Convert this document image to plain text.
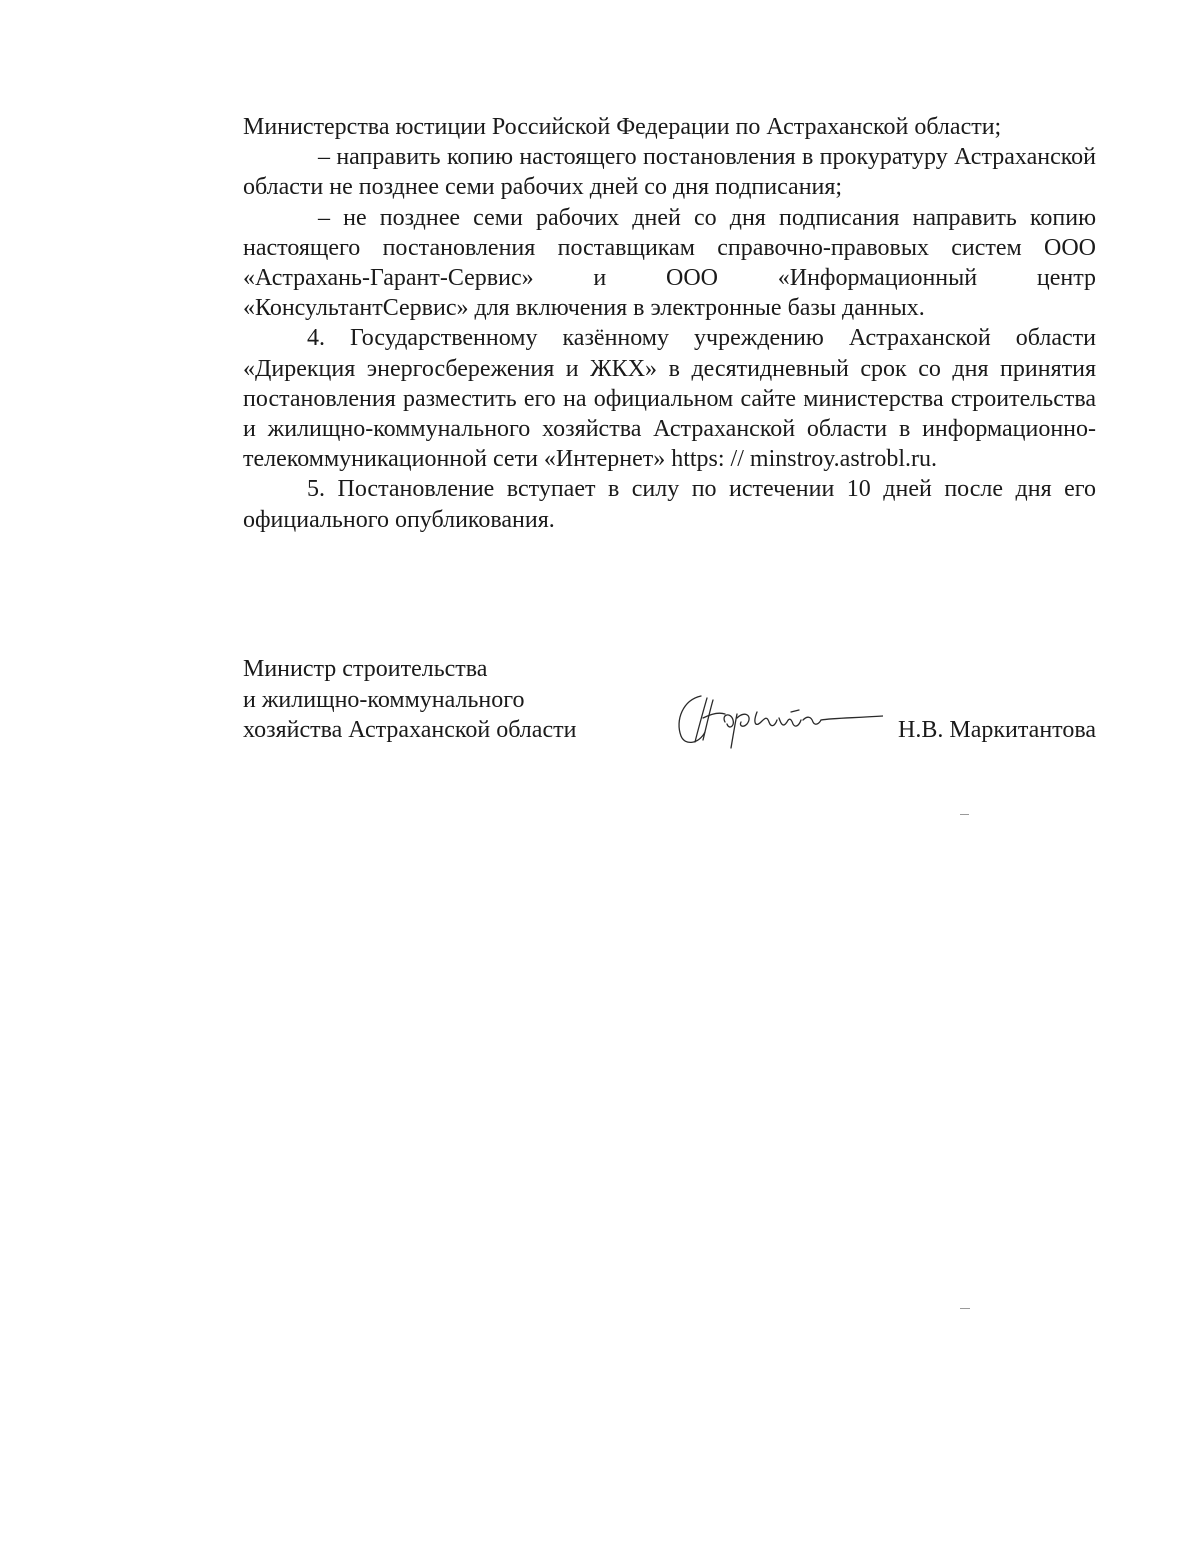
Министерства юстиции Российской Федерации по Астраханской области;

– направить копию настоящего постановления в прокуратуру Астраханской области не позднее семи рабочих дней со дня подписания;

– не позднее семи рабочих дней со дня подписания направить копию настоящего постановления поставщикам справочно-правовых систем ООО «Астрахань-Гарант-Сервис» и ООО «Информационный центр «КонсультантСервис» для включения в электронные базы данных.

4. Государственному казённому учреждению Астраханской области «Дирекция энергосбережения и ЖКХ» в десятидневный срок со дня принятия постановления разместить его на официальном сайте министерства строительства и жилищно-коммунального хозяйства Астраханской области в информационно-телекоммуникационной сети «Интернет» https: // minstroy.astrobl.ru.

5. Постановление вступает в силу по истечении 10 дней после дня его официального опубликования.

Министр строительства
и жилищно-коммунального
хозяйства Астраханской области	Н.В. Маркитантова
